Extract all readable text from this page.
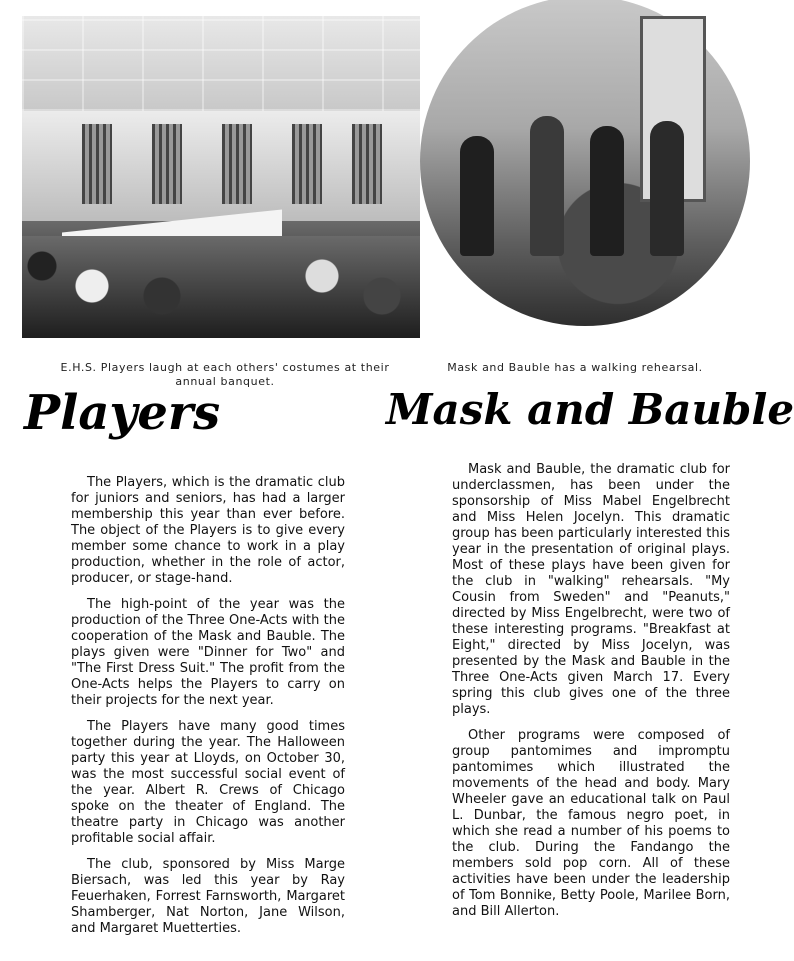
E.H.S. Players laugh at each others' costumes at their annual banquet.
Mask and Bauble has a walking rehearsal.
Players	Mask and Bauble

The Players, which is the dramatic club for juniors and seniors, has had a larger membership this year than ever before. The object of the Players is to give every member some chance to work in a play production, whether in the role of actor, producer, or stage-hand.

The high-point of the year was the production of the Three One-Acts with the cooperation of the Mask and Bauble. The plays given were "Dinner for Two" and "The First Dress Suit." The profit from the One-Acts helps the Players to carry on their projects for the next year.

The Players have many good times together during the year. The Halloween party this year at Lloyds, on October 30, was the most successful social event of the year. Albert R. Crews of Chicago spoke on the theater of England. The theatre party in Chicago was another profitable social affair.

The club, sponsored by Miss Marge Biersach, was led this year by Ray Feuerhaken, Forrest Farnsworth, Margaret Shamberger, Nat Norton, Jane Wilson, and Margaret Muetterties.

Mask and Bauble, the dramatic club for underclassmen, has been under the sponsorship of Miss Mabel Engelbrecht and Miss Helen Jocelyn. This dramatic group has been particularly interested this year in the presentation of original plays. Most of these plays have been given for the club in "walking" rehearsals. "My Cousin from Sweden" and "Peanuts," directed by Miss Engelbrecht, were two of these interesting programs. "Breakfast at Eight," directed by Miss Jocelyn, was presented by the Mask and Bauble in the Three One-Acts given March 17. Every spring this club gives one of the three plays.

Other programs were composed of group pantomimes and impromptu pantomimes which illustrated the movements of the head and body. Mary Wheeler gave an educational talk on Paul L. Dunbar, the famous negro poet, in which she read a number of his poems to the club. During the Fandango the members sold pop corn. All of these activities have been under the leadership of Tom Bonnike, Betty Poole, Marilee Born, and Bill Allerton.
